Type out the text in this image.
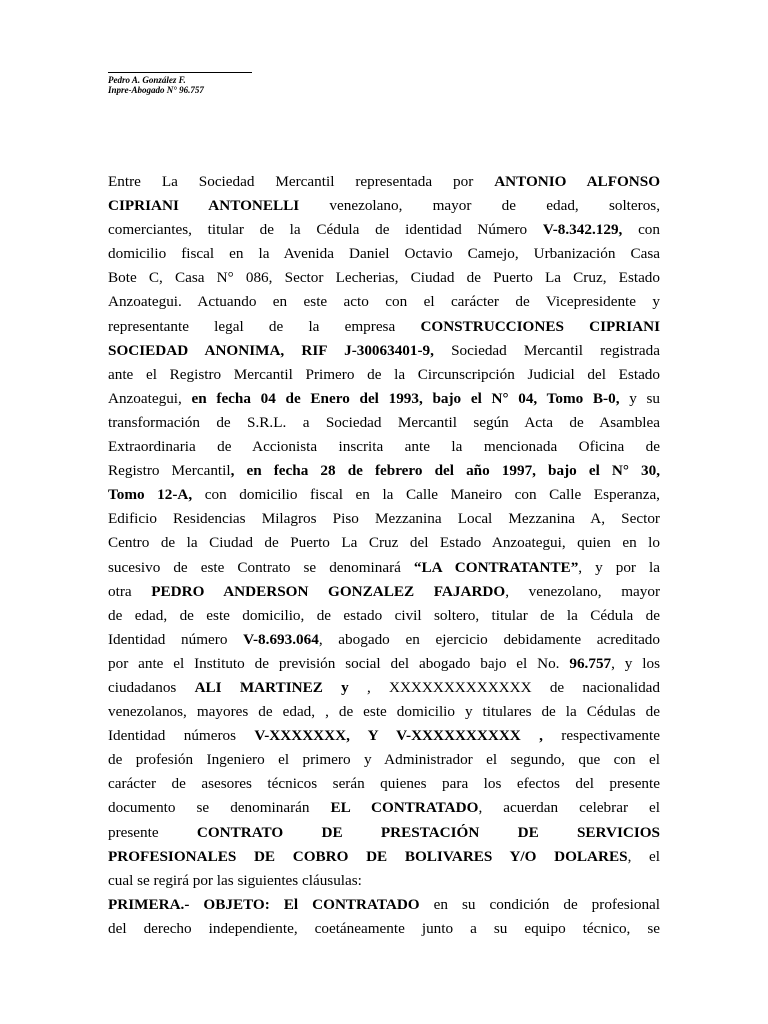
Pedro A. González F.
Inpre-Abogado N° 96.757
Entre La Sociedad Mercantil representada por ANTONIO ALFONSO
CIPRIANI ANTONELLI venezolano, mayor de edad, solteros,
comerciantes, titular de la Cédula de identidad Número V-8.342.129, con
domicilio fiscal en la Avenida Daniel Octavio Camejo, Urbanización Casa
Bote C, Casa N° 086, Sector Lecherias, Ciudad de Puerto La Cruz, Estado
Anzoategui. Actuando en este acto con el carácter de Vicepresidente y
representante legal de la empresa CONSTRUCCIONES CIPRIANI
SOCIEDAD ANONIMA, RIF J-30063401-9, Sociedad Mercantil registrada
ante el Registro Mercantil Primero de la Circunscripción Judicial del Estado
Anzoategui, en fecha 04 de Enero del 1993, bajo el N° 04, Tomo B-0, y su
transformación de S.R.L. a Sociedad Mercantil según Acta de Asamblea
Extraordinaria de Accionista inscrita ante la mencionada Oficina de
Registro Mercantil, en fecha 28 de febrero del año 1997, bajo el N° 30,
Tomo 12-A, con domicilio fiscal en la Calle Maneiro con Calle Esperanza,
Edificio Residencias Milagros Piso Mezzanina Local Mezzanina A, Sector
Centro de la Ciudad de Puerto La Cruz del Estado Anzoategui, quien en lo
sucesivo de este Contrato se denominará “LA CONTRATANTE”, y por la
otra PEDRO ANDERSON GONZALEZ FAJARDO, venezolano, mayor
de edad, de este domicilio, de estado civil soltero, titular de la Cédula de
Identidad número V-8.693.064, abogado en ejercicio debidamente acreditado
por ante el Instituto de previsión social del abogado bajo el No. 96.757, y los
ciudadanos ALI MARTINEZ y , XXXXXXXXXXXXX de nacionalidad
venezolanos, mayores de edad, , de este domicilio y titulares de la Cédulas de
Identidad números V-XXXXXXX, Y V-XXXXXXXXXX , respectivamente
de profesión Ingeniero el primero y Administrador el segundo, que con el
carácter de asesores técnicos serán quienes para los efectos del presente
documento se denominarán EL CONTRATADO, acuerdan celebrar el
presente CONTRATO DE PRESTACIÓN DE SERVICIOS
PROFESIONALES DE COBRO DE BOLIVARES Y/O DOLARES, el
cual se regirá por las siguientes cláusulas:
PRIMERA.- OBJETO: El CONTRATADO en su condición de profesional
del derecho independiente, coetáneamente junto a su equipo técnico, se
